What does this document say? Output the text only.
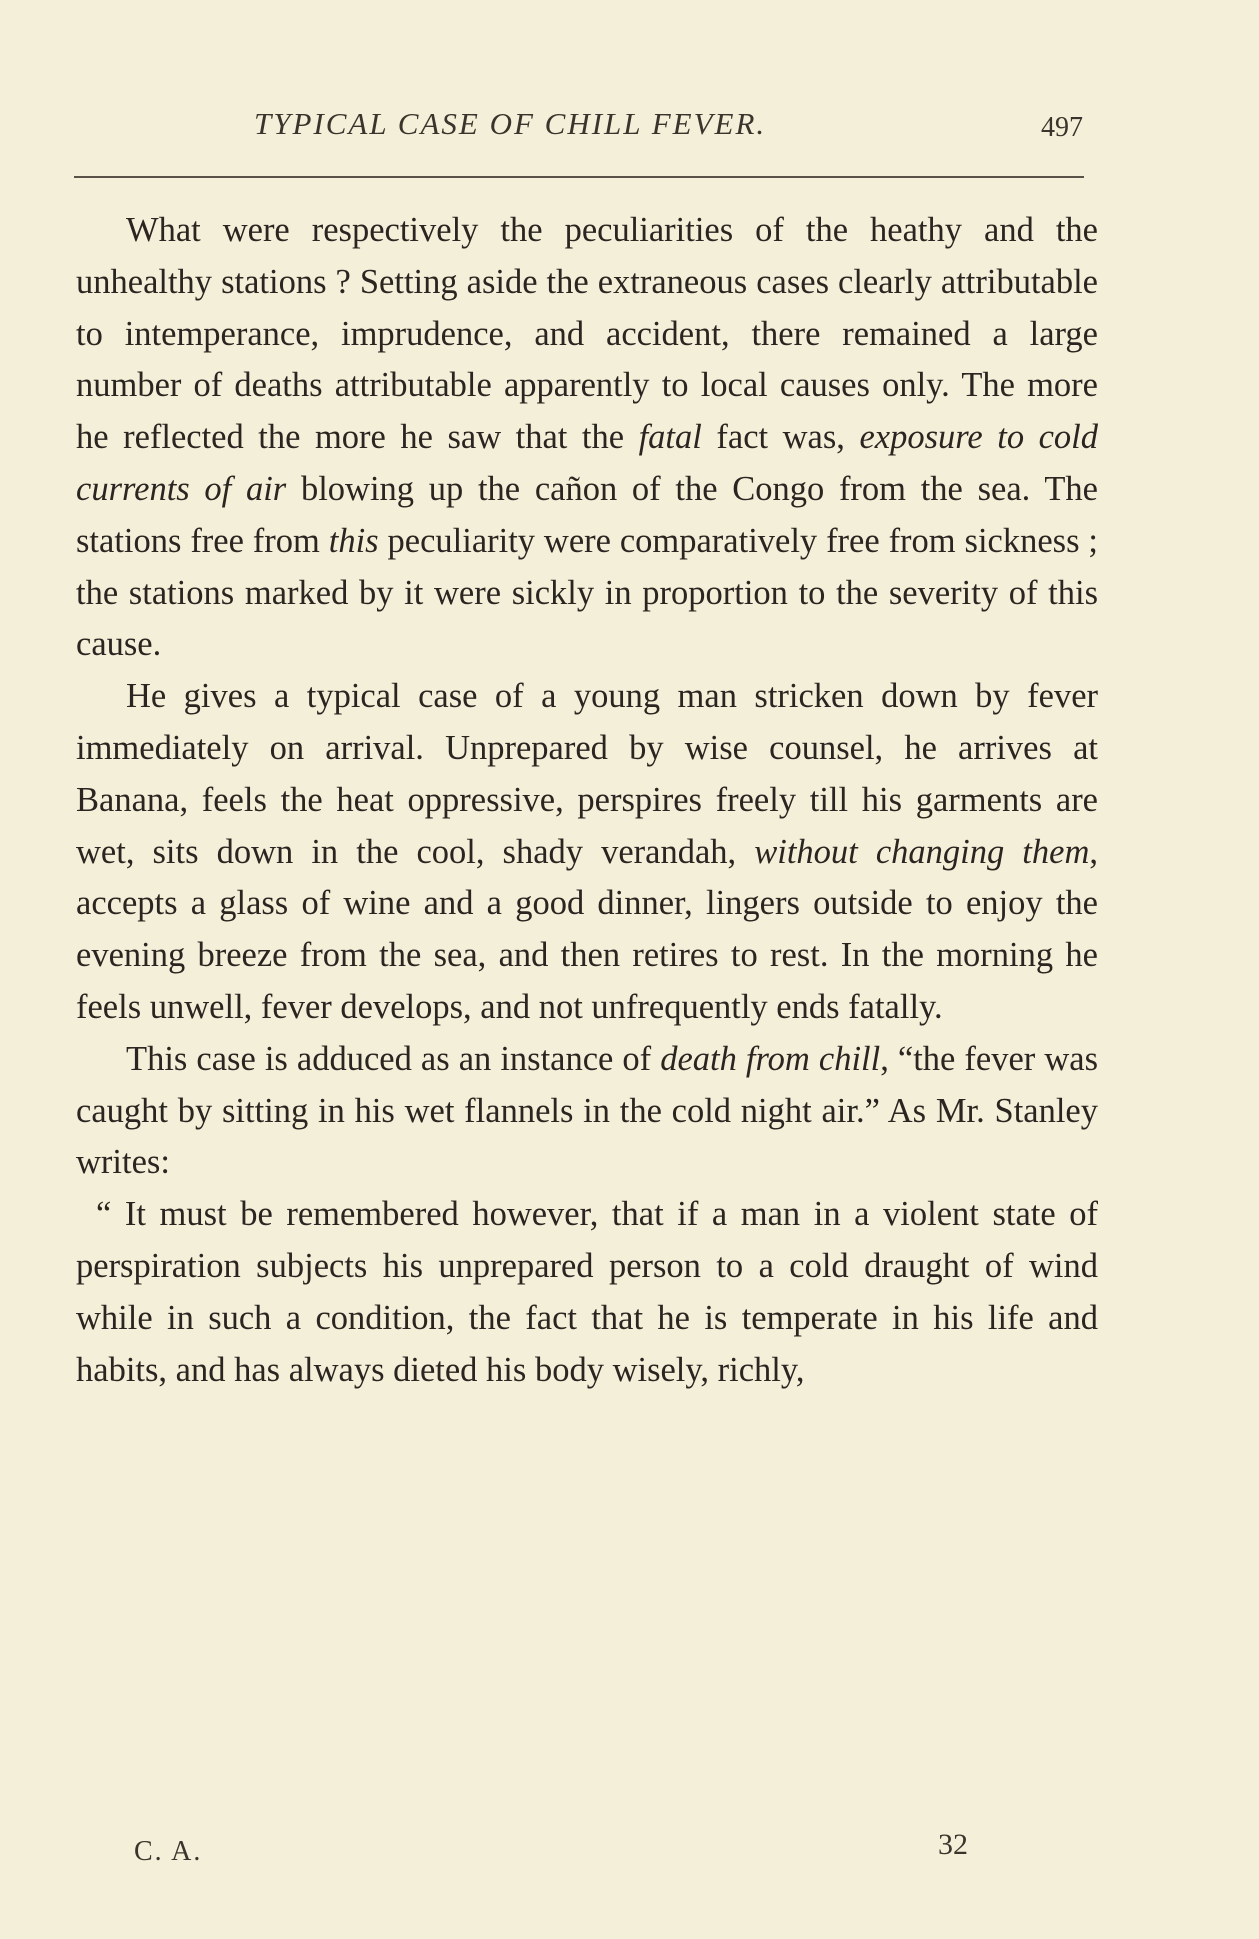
TYPICAL CASE OF CHILL FEVER.	497

What were respectively the peculiarities of the heathy and the unhealthy stations ? Setting aside the extraneous cases clearly attributable to intemperance, imprudence, and accident, there remained a large number of deaths attributable apparently to local causes only. The more he reflected the more he saw that the fatal fact was, exposure to cold currents of air blowing up the cañon of the Congo from the sea. The stations free from this peculiarity were comparatively free from sickness ; the stations marked by it were sickly in proportion to the severity of this cause.

He gives a typical case of a young man stricken down by fever immediately on arrival. Unprepared by wise counsel, he arrives at Banana, feels the heat oppressive, perspires freely till his garments are wet, sits down in the cool, shady verandah, without changing them, accepts a glass of wine and a good dinner, lingers outside to enjoy the evening breeze from the sea, and then retires to rest. In the morning he feels unwell, fever develops, and not unfrequently ends fatally.

This case is adduced as an instance of death from chill, “the fever was caught by sitting in his wet flannels in the cold night air.” As Mr. Stanley writes:

“ It must be remembered however, that if a man in a violent state of perspiration subjects his unprepared person to a cold draught of wind while in such a condition, the fact that he is temperate in his life and habits, and has always dieted his body wisely, richly,

C. A.	32
